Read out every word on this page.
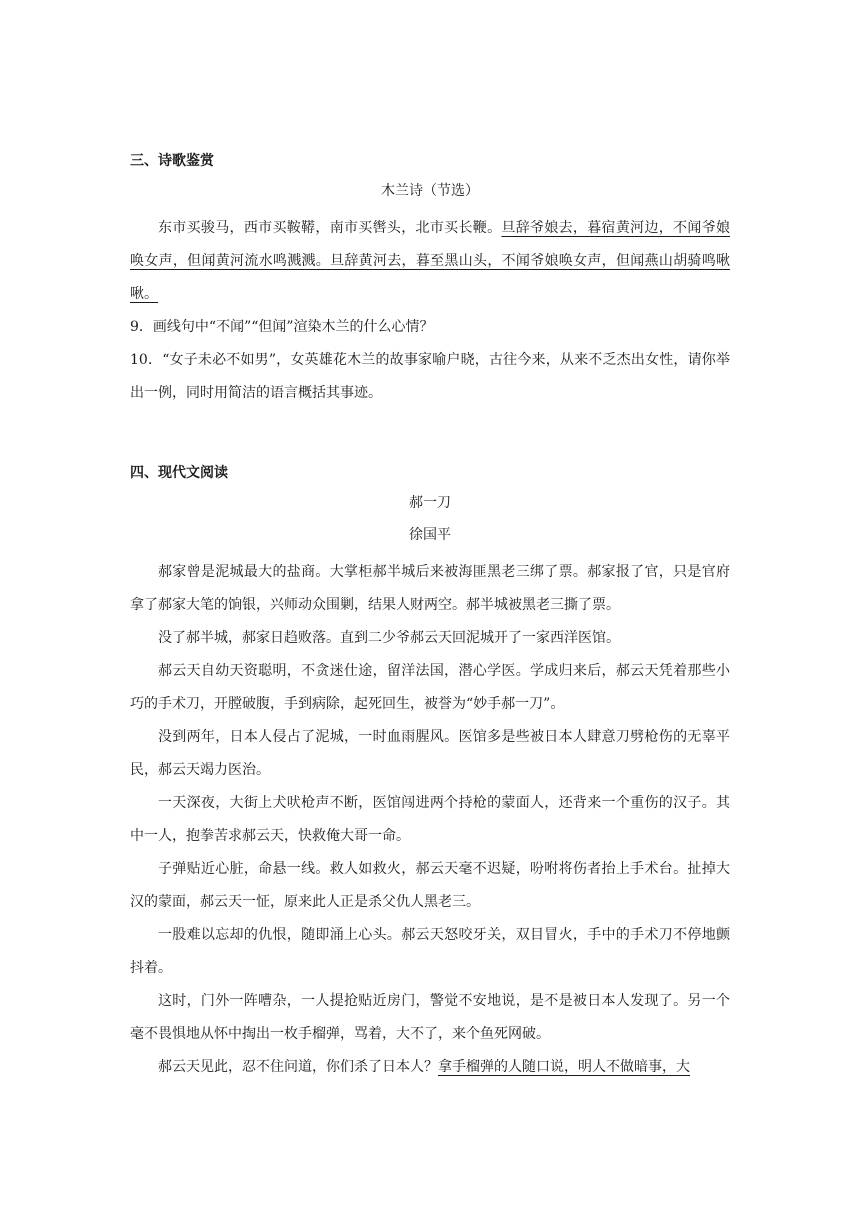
三、诗歌鉴赏

木兰诗（节选）

东市买骏马，西市买鞍鞯，南市买辔头，北市买长鞭。旦辞爷娘去，暮宿黄河边，不闻爷娘唤女声，但闻黄河流水鸣溅溅。旦辞黄河去，暮至黑山头，不闻爷娘唤女声，但闻燕山胡骑鸣啾啾。

9．画线句中“不闻”“但闻”渲染木兰的什么心情？

10．“女子未必不如男”，女英雄花木兰的故事家喻户晓，古往今来，从来不乏杰出女性，请你举出一例，同时用简洁的语言概括其事迹。

四、现代文阅读

郝一刀

徐国平

郝家曾是泥城最大的盐商。大掌柜郝半城后来被海匪黑老三绑了票。郝家报了官，只是官府拿了郝家大笔的饷银，兴师动众围剿，结果人财两空。郝半城被黑老三撕了票。

没了郝半城，郝家日趋败落。直到二少爷郝云天回泥城开了一家西洋医馆。

郝云天自幼天资聪明，不贪迷仕途，留洋法国，潜心学医。学成归来后，郝云天凭着那些小巧的手术刀，开膛破腹，手到病除，起死回生，被誉为“妙手郝一刀”。

没到两年，日本人侵占了泥城，一时血雨腥风。医馆多是些被日本人肆意刀劈枪伤的无辜平民，郝云天竭力医治。

一天深夜，大街上犬吠枪声不断，医馆闯进两个持枪的蒙面人，还背来一个重伤的汉子。其中一人，抱拳苦求郝云天，快救俺大哥一命。

子弹贴近心脏，命悬一线。救人如救火，郝云天毫不迟疑，吩咐将伤者抬上手术台。扯掉大汉的蒙面，郝云天一怔，原来此人正是杀父仇人黑老三。

一股难以忘却的仇恨，随即涌上心头。郝云天怒咬牙关，双目冒火，手中的手术刀不停地颤抖着。

这时，门外一阵嘈杂，一人提抢贴近房门，警觉不安地说，是不是被日本人发现了。另一个毫不畏惧地从怀中掏出一枚手榴弹，骂着，大不了，来个鱼死网破。

郝云天见此，忍不住问道，你们杀了日本人？拿手榴弹的人随口说，明人不做暗事，大
